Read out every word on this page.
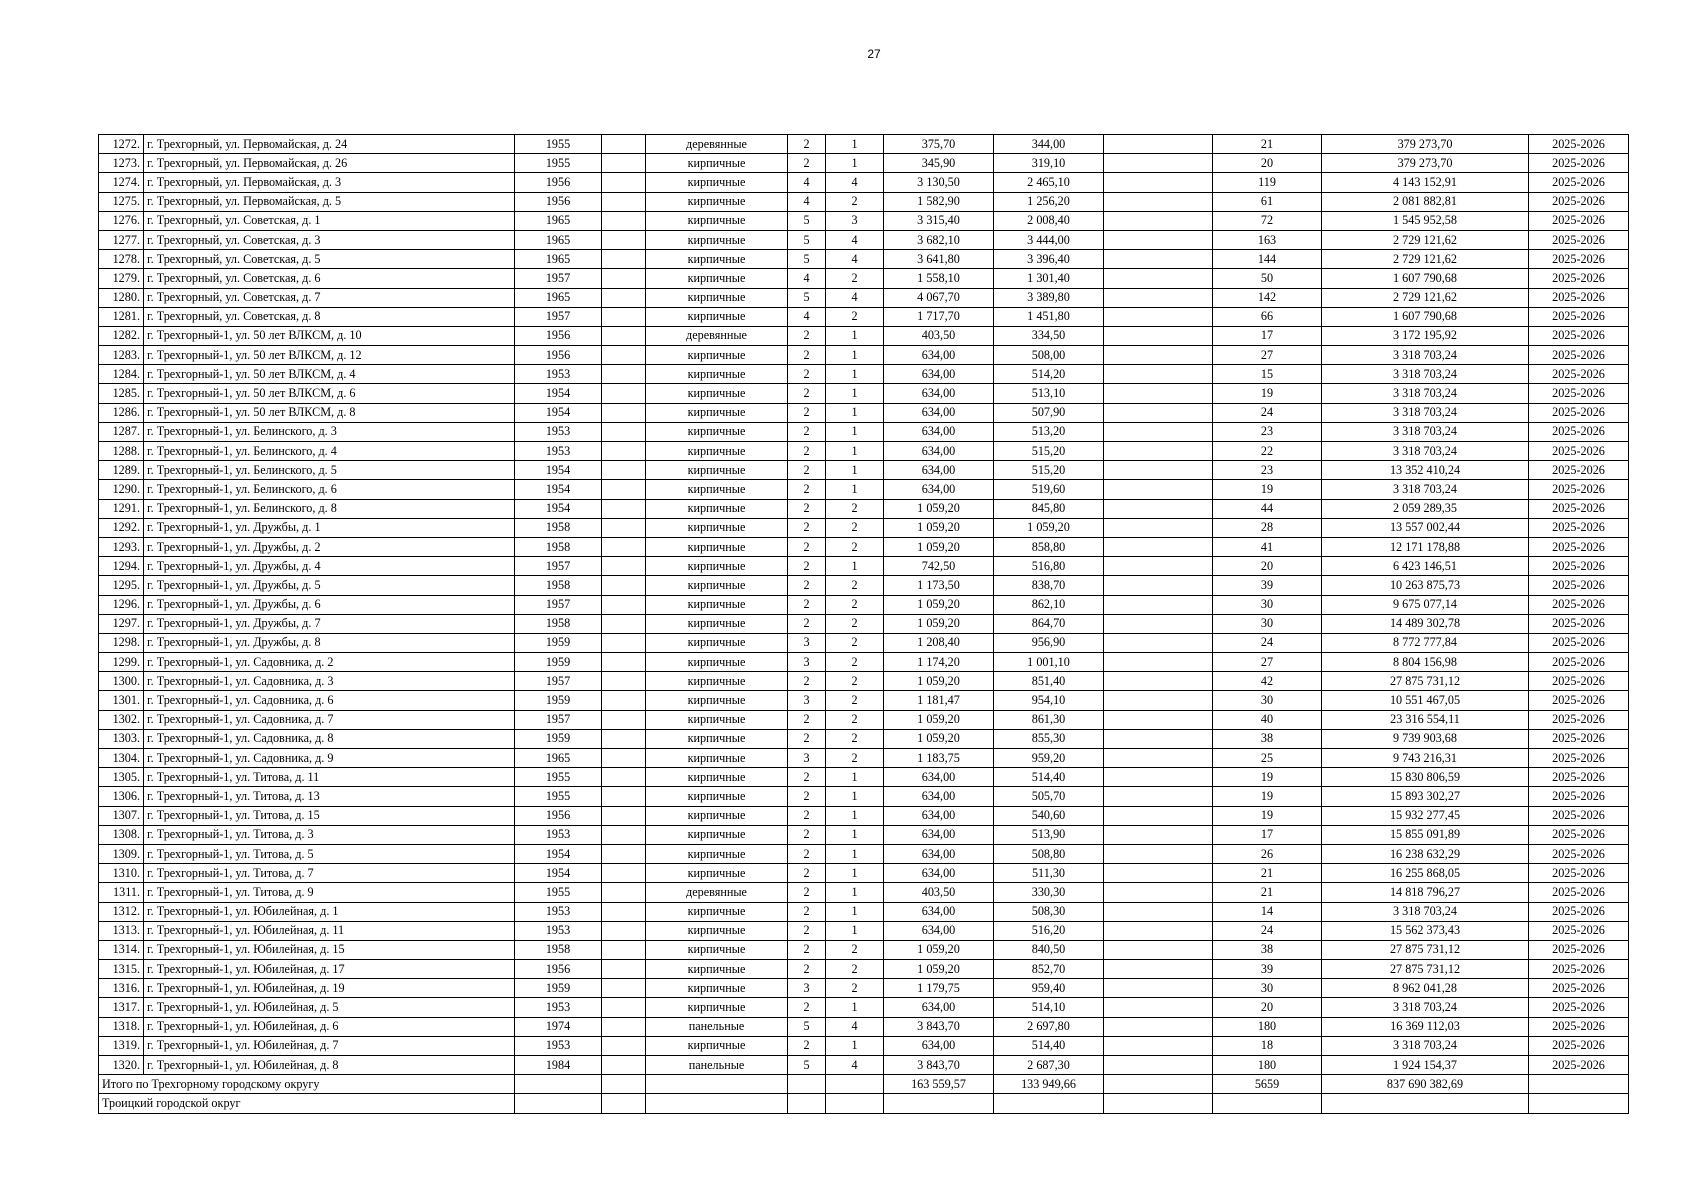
27
1272.	г. Трехгорный, ул. Первомайская, д. 24	1955		деревянные	2	1	375,70	344,00		21	379 273,70	2025-2026
1273.	г. Трехгорный, ул. Первомайская, д. 26	1955		кирпичные	2	1	345,90	319,10		20	379 273,70	2025-2026
1274.	г. Трехгорный, ул. Первомайская, д. 3	1956		кирпичные	4	4	3 130,50	2 465,10		119	4 143 152,91	2025-2026
1275.	г. Трехгорный, ул. Первомайская, д. 5	1956		кирпичные	4	2	1 582,90	1 256,20		61	2 081 882,81	2025-2026
1276.	г. Трехгорный, ул. Советская, д. 1	1965		кирпичные	5	3	3 315,40	2 008,40		72	1 545 952,58	2025-2026
1277.	г. Трехгорный, ул. Советская, д. 3	1965		кирпичные	5	4	3 682,10	3 444,00		163	2 729 121,62	2025-2026
1278.	г. Трехгорный, ул. Советская, д. 5	1965		кирпичные	5	4	3 641,80	3 396,40		144	2 729 121,62	2025-2026
1279.	г. Трехгорный, ул. Советская, д. 6	1957		кирпичные	4	2	1 558,10	1 301,40		50	1 607 790,68	2025-2026
1280.	г. Трехгорный, ул. Советская, д. 7	1965		кирпичные	5	4	4 067,70	3 389,80		142	2 729 121,62	2025-2026
1281.	г. Трехгорный, ул. Советская, д. 8	1957		кирпичные	4	2	1 717,70	1 451,80		66	1 607 790,68	2025-2026
1282.	г. Трехгорный-1, ул. 50 лет ВЛКСМ, д. 10	1956		деревянные	2	1	403,50	334,50		17	3 172 195,92	2025-2026
1283.	г. Трехгорный-1, ул. 50 лет ВЛКСМ, д. 12	1956		кирпичные	2	1	634,00	508,00		27	3 318 703,24	2025-2026
1284.	г. Трехгорный-1, ул. 50 лет ВЛКСМ, д. 4	1953		кирпичные	2	1	634,00	514,20		15	3 318 703,24	2025-2026
1285.	г. Трехгорный-1, ул. 50 лет ВЛКСМ, д. 6	1954		кирпичные	2	1	634,00	513,10		19	3 318 703,24	2025-2026
1286.	г. Трехгорный-1, ул. 50 лет ВЛКСМ, д. 8	1954		кирпичные	2	1	634,00	507,90		24	3 318 703,24	2025-2026
1287.	г. Трехгорный-1, ул. Белинского, д. 3	1953		кирпичные	2	1	634,00	513,20		23	3 318 703,24	2025-2026
1288.	г. Трехгорный-1, ул. Белинского, д. 4	1953		кирпичные	2	1	634,00	515,20		22	3 318 703,24	2025-2026
1289.	г. Трехгорный-1, ул. Белинского, д. 5	1954		кирпичные	2	1	634,00	515,20		23	13 352 410,24	2025-2026
1290.	г. Трехгорный-1, ул. Белинского, д. 6	1954		кирпичные	2	1	634,00	519,60		19	3 318 703,24	2025-2026
1291.	г. Трехгорный-1, ул. Белинского, д. 8	1954		кирпичные	2	2	1 059,20	845,80		44	2 059 289,35	2025-2026
1292.	г. Трехгорный-1, ул. Дружбы, д. 1	1958		кирпичные	2	2	1 059,20	1 059,20		28	13 557 002,44	2025-2026
1293.	г. Трехгорный-1, ул. Дружбы, д. 2	1958		кирпичные	2	2	1 059,20	858,80		41	12 171 178,88	2025-2026
1294.	г. Трехгорный-1, ул. Дружбы, д. 4	1957		кирпичные	2	1	742,50	516,80		20	6 423 146,51	2025-2026
1295.	г. Трехгорный-1, ул. Дружбы, д. 5	1958		кирпичные	2	2	1 173,50	838,70		39	10 263 875,73	2025-2026
1296.	г. Трехгорный-1, ул. Дружбы, д. 6	1957		кирпичные	2	2	1 059,20	862,10		30	9 675 077,14	2025-2026
1297.	г. Трехгорный-1, ул. Дружбы, д. 7	1958		кирпичные	2	2	1 059,20	864,70		30	14 489 302,78	2025-2026
1298.	г. Трехгорный-1, ул. Дружбы, д. 8	1959		кирпичные	3	2	1 208,40	956,90		24	8 772 777,84	2025-2026
1299.	г. Трехгорный-1, ул. Садовника, д. 2	1959		кирпичные	3	2	1 174,20	1 001,10		27	8 804 156,98	2025-2026
1300.	г. Трехгорный-1, ул. Садовника, д. 3	1957		кирпичные	2	2	1 059,20	851,40		42	27 875 731,12	2025-2026
1301.	г. Трехгорный-1, ул. Садовника, д. 6	1959		кирпичные	3	2	1 181,47	954,10		30	10 551 467,05	2025-2026
1302.	г. Трехгорный-1, ул. Садовника, д. 7	1957		кирпичные	2	2	1 059,20	861,30		40	23 316 554,11	2025-2026
1303.	г. Трехгорный-1, ул. Садовника, д. 8	1959		кирпичные	2	2	1 059,20	855,30		38	9 739 903,68	2025-2026
1304.	г. Трехгорный-1, ул. Садовника, д. 9	1965		кирпичные	3	2	1 183,75	959,20		25	9 743 216,31	2025-2026
1305.	г. Трехгорный-1, ул. Титова, д. 11	1955		кирпичные	2	1	634,00	514,40		19	15 830 806,59	2025-2026
1306.	г. Трехгорный-1, ул. Титова, д. 13	1955		кирпичные	2	1	634,00	505,70		19	15 893 302,27	2025-2026
1307.	г. Трехгорный-1, ул. Титова, д. 15	1956		кирпичные	2	1	634,00	540,60		19	15 932 277,45	2025-2026
1308.	г. Трехгорный-1, ул. Титова, д. 3	1953		кирпичные	2	1	634,00	513,90		17	15 855 091,89	2025-2026
1309.	г. Трехгорный-1, ул. Титова, д. 5	1954		кирпичные	2	1	634,00	508,80		26	16 238 632,29	2025-2026
1310.	г. Трехгорный-1, ул. Титова, д. 7	1954		кирпичные	2	1	634,00	511,30		21	16 255 868,05	2025-2026
1311.	г. Трехгорный-1, ул. Титова, д. 9	1955		деревянные	2	1	403,50	330,30		21	14 818 796,27	2025-2026
1312.	г. Трехгорный-1, ул. Юбилейная, д. 1	1953		кирпичные	2	1	634,00	508,30		14	3 318 703,24	2025-2026
1313.	г. Трехгорный-1, ул. Юбилейная, д. 11	1953		кирпичные	2	1	634,00	516,20		24	15 562 373,43	2025-2026
1314.	г. Трехгорный-1, ул. Юбилейная, д. 15	1958		кирпичные	2	2	1 059,20	840,50		38	27 875 731,12	2025-2026
1315.	г. Трехгорный-1, ул. Юбилейная, д. 17	1956		кирпичные	2	2	1 059,20	852,70		39	27 875 731,12	2025-2026
1316.	г. Трехгорный-1, ул. Юбилейная, д. 19	1959		кирпичные	3	2	1 179,75	959,40		30	8 962 041,28	2025-2026
1317.	г. Трехгорный-1, ул. Юбилейная, д. 5	1953		кирпичные	2	1	634,00	514,10		20	3 318 703,24	2025-2026
1318.	г. Трехгорный-1, ул. Юбилейная, д. 6	1974		панельные	5	4	3 843,70	2 697,80		180	16 369 112,03	2025-2026
1319.	г. Трехгорный-1, ул. Юбилейная, д. 7	1953		кирпичные	2	1	634,00	514,40		18	3 318 703,24	2025-2026
1320.	г. Трехгорный-1, ул. Юбилейная, д. 8	1984		панельные	5	4	3 843,70	2 687,30		180	1 924 154,37	2025-2026
Итого по Трехгорному городскому округу							163 559,57	133 949,66		5659	837 690 382,69	
Троицкий городской округ												
